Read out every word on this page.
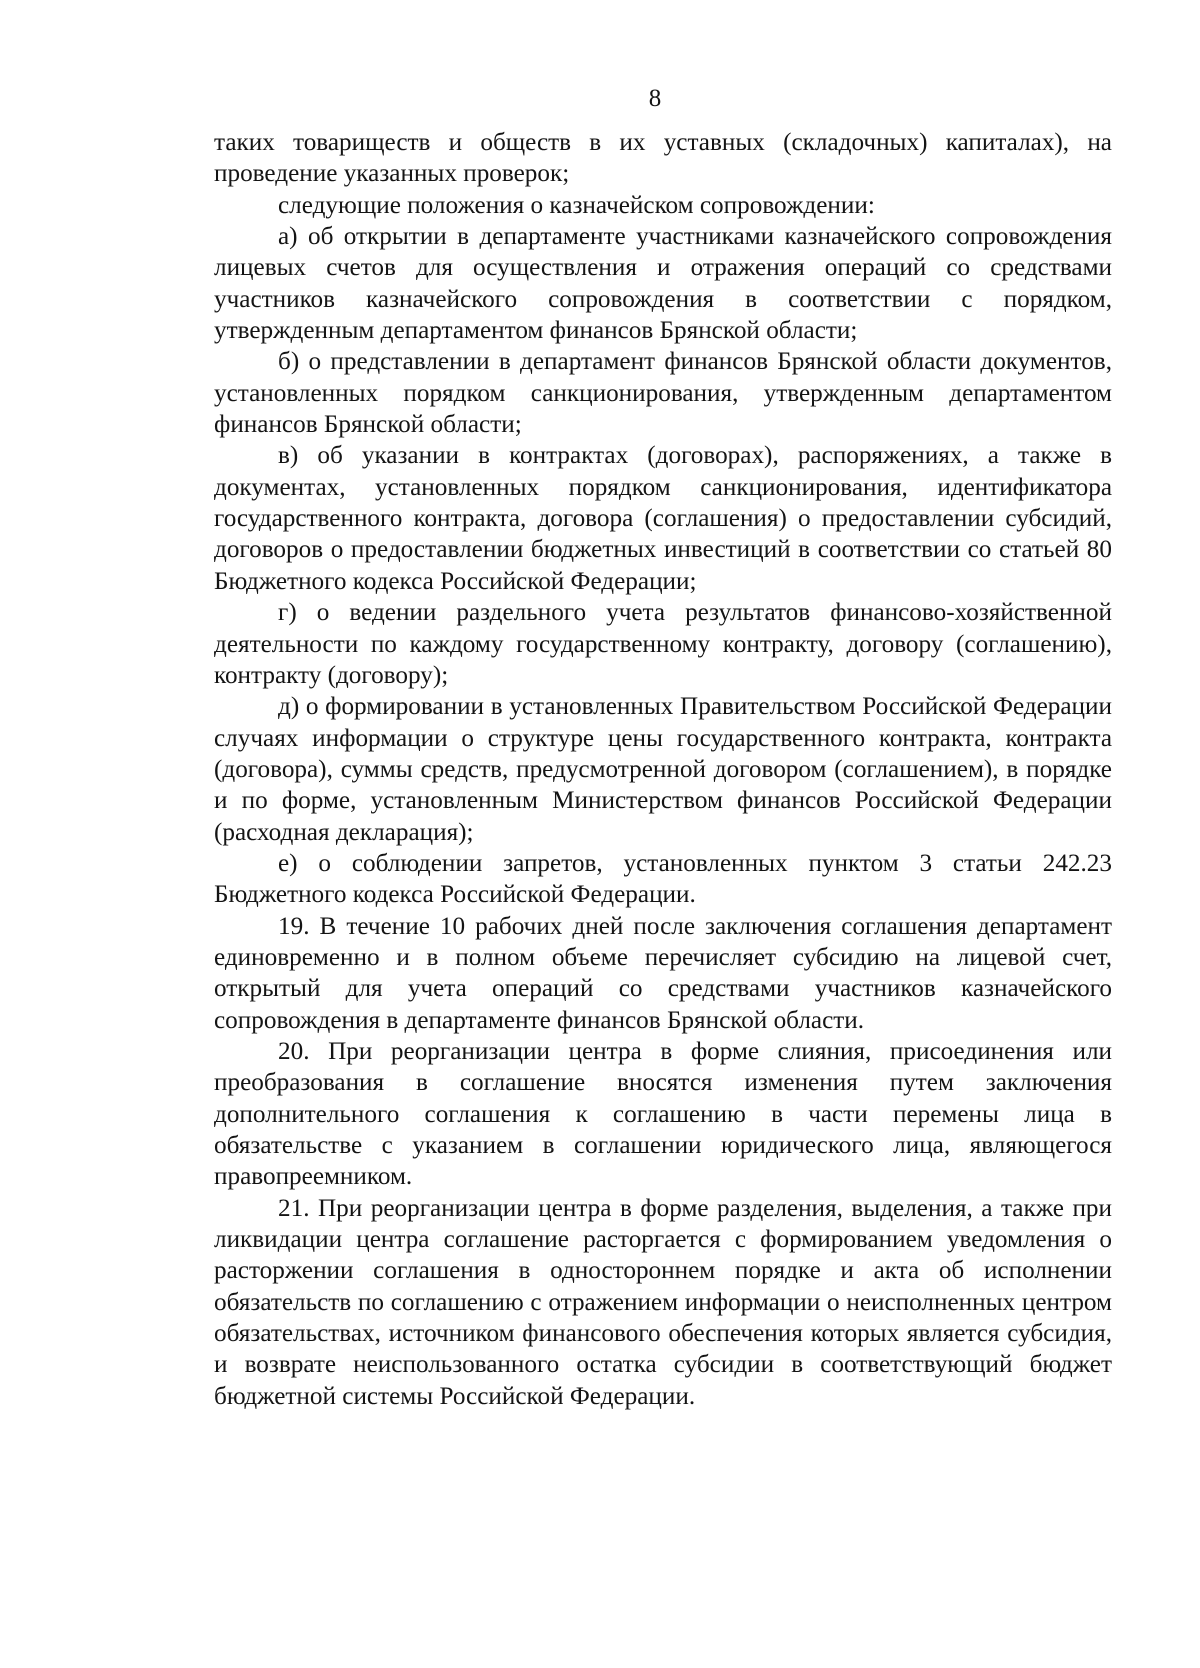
8

таких товариществ и обществ в их уставных (складочных) капиталах), на проведение указанных проверок;

следующие положения о казначейском сопровождении:

а) об открытии в департаменте участниками казначейского сопровождения лицевых счетов для осуществления и отражения операций со средствами участников казначейского сопровождения в соответствии с порядком, утвержденным департаментом финансов Брянской области;

б) о представлении в департамент финансов Брянской области документов, установленных порядком санкционирования, утвержденным департаментом финансов Брянской области;

в) об указании в контрактах (договорах), распоряжениях, а также в документах, установленных порядком санкционирования, идентификатора государственного контракта, договора (соглашения) о предоставлении субсидий, договоров о предоставлении бюджетных инвестиций в соответствии со статьей 80 Бюджетного кодекса Российской Федерации;

г) о ведении раздельного учета результатов финансово-хозяйственной деятельности по каждому государственному контракту, договору (соглашению), контракту (договору);

д) о формировании в установленных Правительством Российской Федерации случаях информации о структуре цены государственного контракта, контракта (договора), суммы средств, предусмотренной договором (соглашением), в порядке и по форме, установленным Министерством финансов Российской Федерации (расходная декларация);

е) о соблюдении запретов, установленных пунктом 3 статьи 242.23 Бюджетного кодекса Российской Федерации.

19. В течение 10 рабочих дней после заключения соглашения департамент единовременно и в полном объеме перечисляет субсидию на лицевой счет, открытый для учета операций со средствами участников казначейского сопровождения в департаменте финансов Брянской области.

20. При реорганизации центра в форме слияния, присоединения или преобразования в соглашение вносятся изменения путем заключения дополнительного соглашения к соглашению в части перемены лица в обязательстве с указанием в соглашении юридического лица, являющегося правопреемником.

21. При реорганизации центра в форме разделения, выделения, а также при ликвидации центра соглашение расторгается с формированием уведомления о расторжении соглашения в одностороннем порядке и акта об исполнении обязательств по соглашению с отражением информации о неисполненных центром обязательствах, источником финансового обеспечения которых является субсидия, и возврате неиспользованного остатка субсидии в соответствующий бюджет бюджетной системы Российской Федерации.
